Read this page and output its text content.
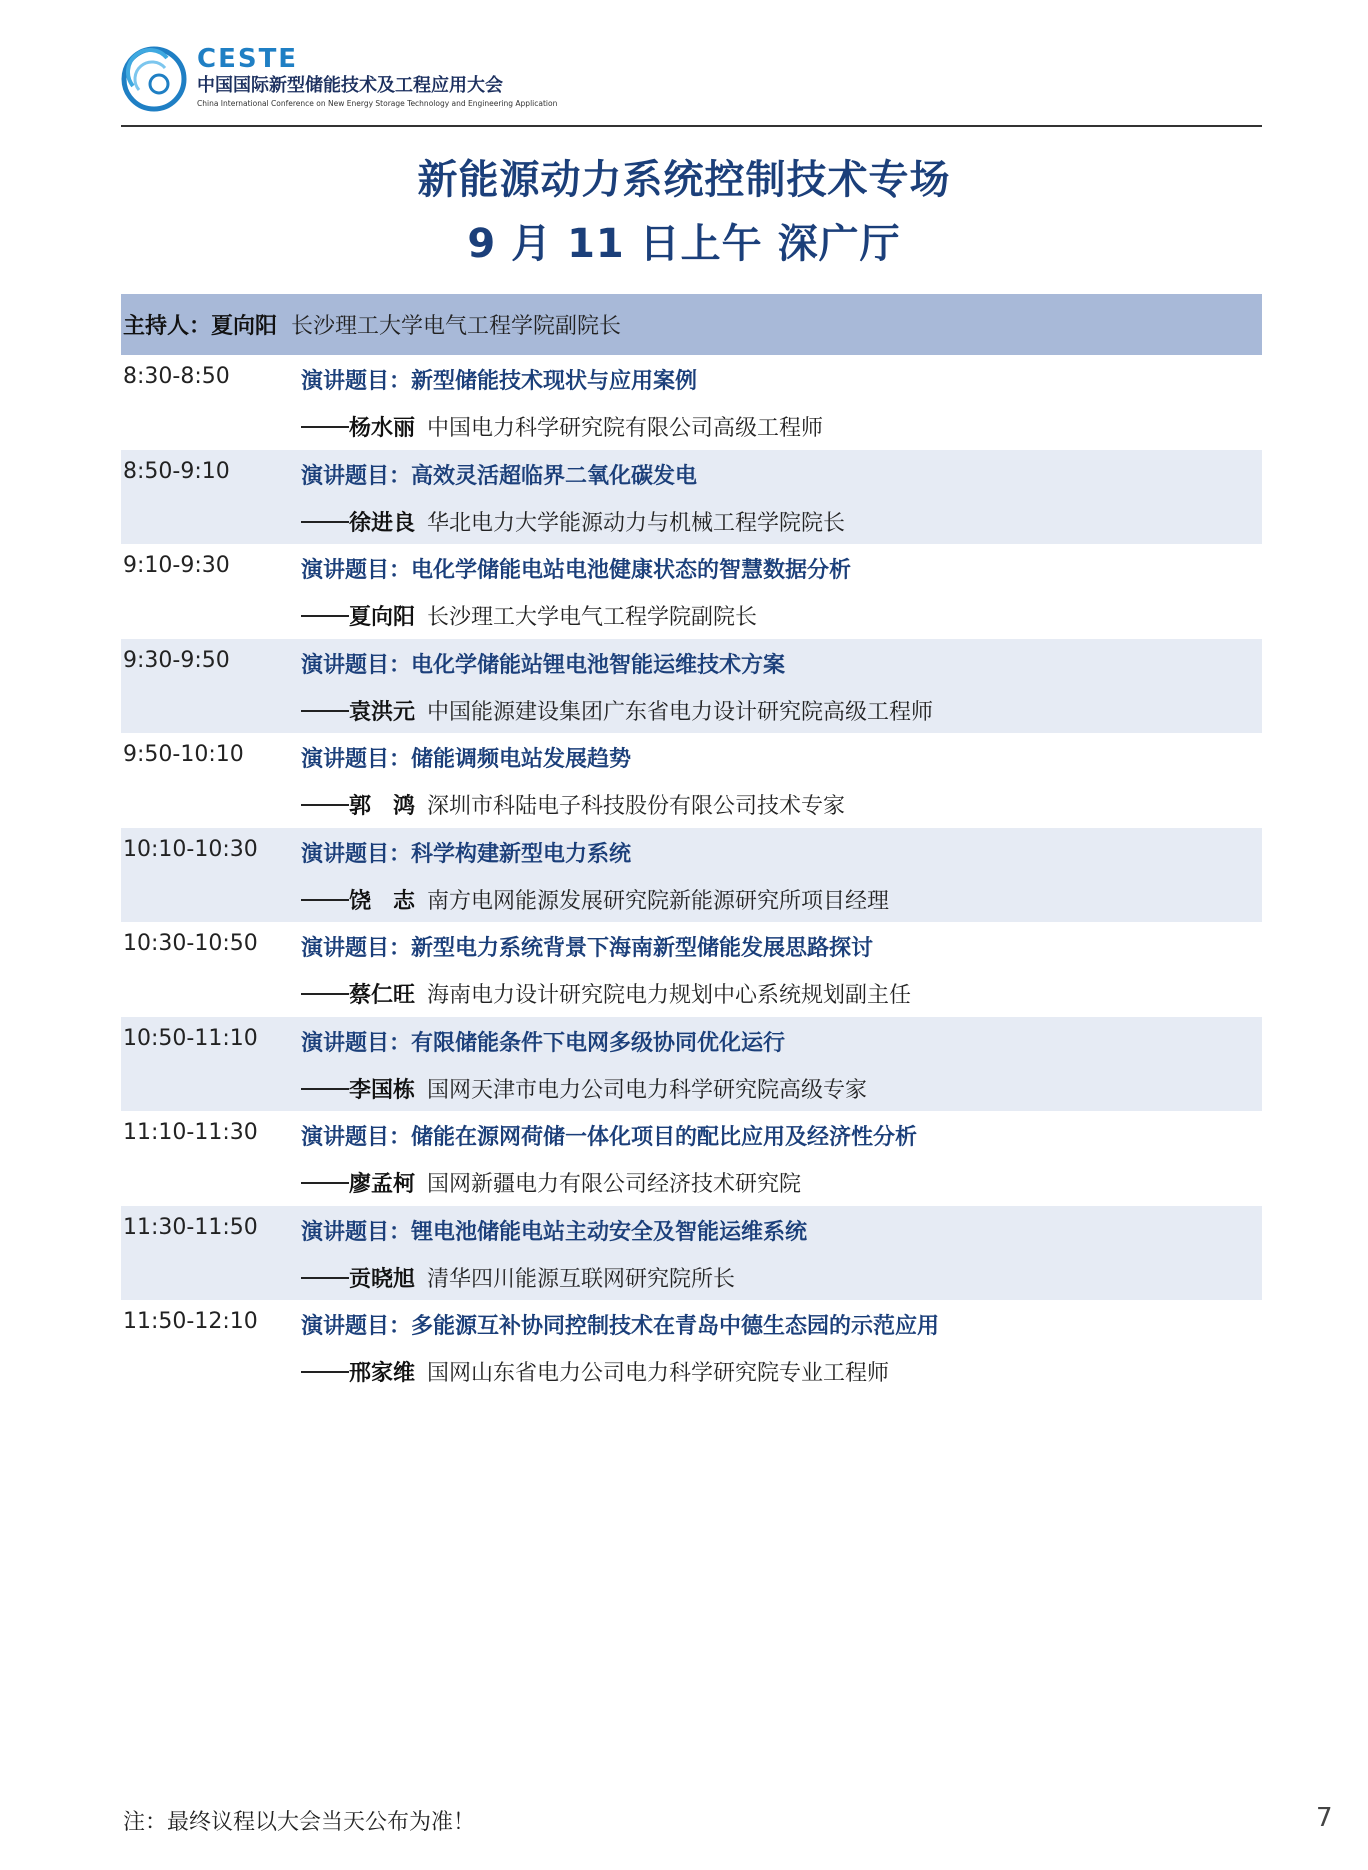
CESTE
中国国际新型储能技术及工程应用大会
China International Conference on New Energy Storage Technology and Engineering Application
新能源动力系统控制技术专场
9 月 11 日上午 深广厅
主持人： 夏向阳 长沙理工大学电气工程学院副院长
8:30-8:50	演讲题目：新型储能技术现状与应用案例
杨水丽 中国电力科学研究院有限公司高级工程师
8:50-9:10	演讲题目：高效灵活超临界二氧化碳发电
徐进良 华北电力大学能源动力与机械工程学院院长
9:10-9:30	演讲题目：电化学储能电站电池健康状态的智慧数据分析
夏向阳 长沙理工大学电气工程学院副院长
9:30-9:50	演讲题目：电化学储能站锂电池智能运维技术方案
袁洪元 中国能源建设集团广东省电力设计研究院高级工程师
9:50-10:10	演讲题目：储能调频电站发展趋势
郭　鸿 深圳市科陆电子科技股份有限公司技术专家
10:10-10:30 演讲题目：科学构建新型电力系统
饶　志 南方电网能源发展研究院新能源研究所项目经理
10:30-10:50 演讲题目：新型电力系统背景下海南新型储能发展思路探讨
蔡仁旺 海南电力设计研究院电力规划中心系统规划副主任
10:50-11:10 演讲题目：有限储能条件下电网多级协同优化运行
李国栋 国网天津市电力公司电力科学研究院高级专家
11:10-11:30 演讲题目：储能在源网荷储一体化项目的配比应用及经济性分析
廖孟柯 国网新疆电力有限公司经济技术研究院
11:30-11:50 演讲题目：锂电池储能电站主动安全及智能运维系统
贡晓旭 清华四川能源互联网研究院所长
11:50-12:10 演讲题目：多能源互补协同控制技术在青岛中德生态园的示范应用
邢家维 国网山东省电力公司电力科学研究院专业工程师
注：最终议程以大会当天公布为准！	7
